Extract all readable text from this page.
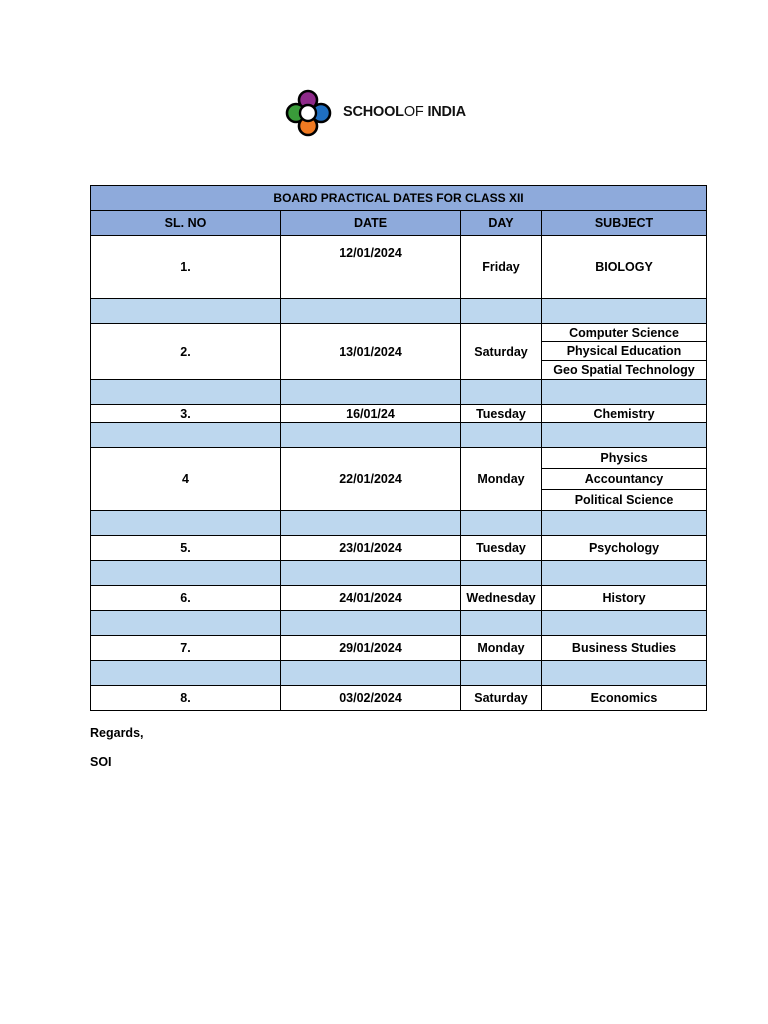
SCHOOLOF INDIA
BOARD PRACTICAL DATES FOR CLASS XII			
SL. NO	DATE	DAY	SUBJECT
1.	12/01/2024	Friday	BIOLOGY

2.	13/01/2024	Saturday	Computer Science
Physical Education
Geo Spatial Technology

3.	16/01/24	Tuesday	Chemistry

4	22/01/2024	Monday	Physics
Accountancy
Political Science

5.	23/01/2024	Tuesday	Psychology

6.	24/01/2024	Wednesday	History

7.	29/01/2024	Monday	Business Studies

8.	03/02/2024	Saturday	Economics
Regards,
SOI
